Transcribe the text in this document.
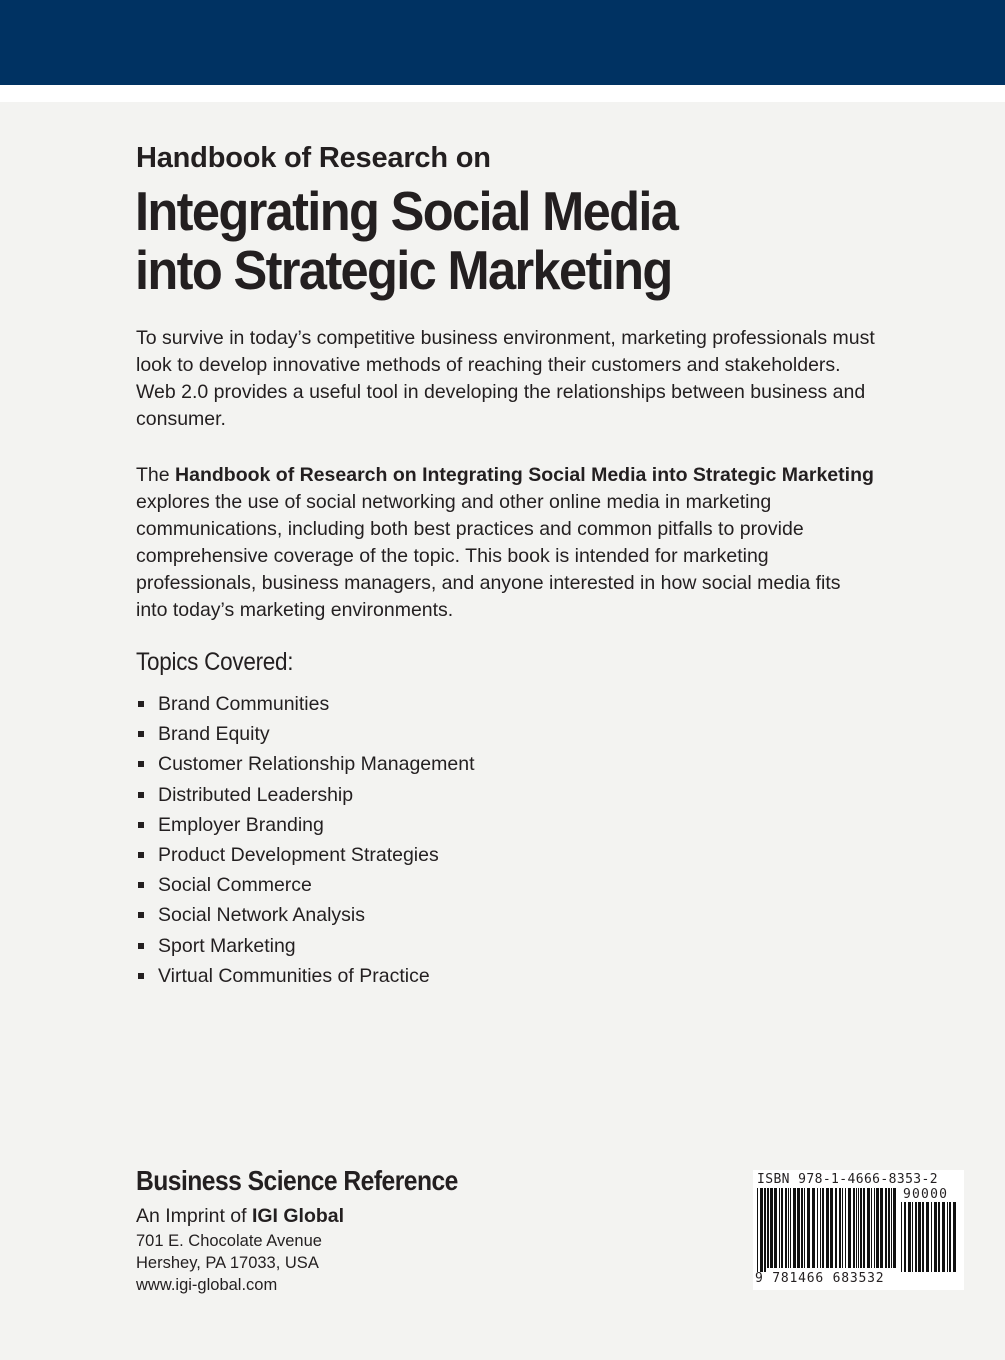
Handbook of Research on
Integrating Social Media
into Strategic Marketing

To survive in today’s competitive business environment, marketing professionals must look to develop innovative methods of reaching their customers and stakeholders. Web 2.0 provides a useful tool in developing the relationships between business and consumer.

The Handbook of Research on Integrating Social Media into Strategic Marketing explores the use of social networking and other online media in marketing communications, including both best practices and common pitfalls to provide comprehensive coverage of the topic. This book is intended for marketing professionals, business managers, and anyone interested in how social media fits into today’s marketing environments.

Topics Covered:
Brand Communities
Brand Equity
Customer Relationship Management
Distributed Leadership
Employer Branding
Product Development Strategies
Social Commerce
Social Network Analysis
Sport Marketing
Virtual Communities of Practice
Business Science Reference
An Imprint of IGI Global
701 E. Chocolate Avenue
Hershey, PA 17033, USA
www.igi-global.com
ISBN 978-1-4666-8353-2
90000
9 781466 683532
